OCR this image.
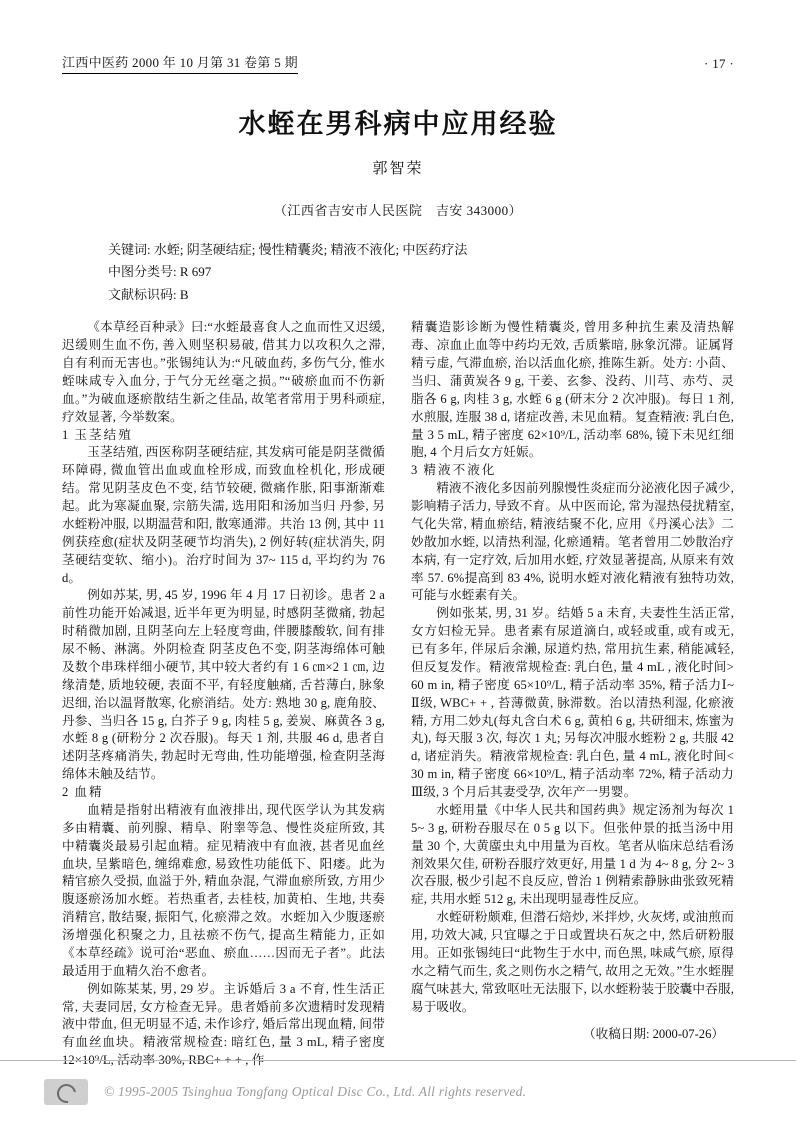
江西中医药 2000 年 10 月第 31 卷第 5 期	· 17 ·
水蛭在男科病中应用经验
郭智荣
（江西省吉安市人民医院　吉安 343000）
关键词: 水蛭; 阴茎硬结症; 慢性精囊炎; 精液不液化; 中医药疗法
中图分类号: R 697
文献标识码: B

《本草经百种录》曰:“水蛭最喜食人之血而性又迟缓, 迟缓则生血不伤, 善入则坚积易破, 借其力以攻积久之滞, 自有利而无害也。”张锡纯认为:“凡破血药, 多伤气分, 惟水蛭味咸专入血分, 于气分无丝毫之损。”“破瘀血而不伤新血。”为破血逐瘀散结生新之佳品, 故笔者常用于男科顽症, 疗效显著, 今举数案。

1 玉茎结殖

玉茎结殖, 西医称阴茎硬结症, 其发病可能是阴茎微循环障碍, 微血管出血或血栓形成, 而致血栓机化, 形成硬结。常见阴茎皮色不变, 结节较硬, 微痛作胀, 阳事渐渐难起。此为寒凝血聚, 宗筋失濡, 选用阳和汤加当归 丹参, 另水蛭粉冲服, 以期温营和阳, 散寒通滞。共治 13 例, 其中 11 例获痊愈(症状及阴茎硬节均消失), 2 例好转(症状消失, 阴茎硬结变软、缩小)。治疗时间为 37~ 115 d, 平均约为 76 d。

例如苏某, 男, 45 岁, 1996 年 4 月 17 日初诊。患者 2 a 前性功能开始减退, 近半年更为明显, 时感阴茎微痛, 勃起时稍微加剧, 且阴茎向左上轻度弯曲, 伴腰膝酸软, 间有排尿不畅、淋漓。外阴检查 阴茎皮色不变, 阴茎海绵体可触及数个串珠样细小硬节, 其中较大者约有 1 6 ㎝×2 1 ㎝, 边缘清楚, 质地较硬, 表面不平, 有轻度触痛, 舌苔薄白, 脉象迟细, 治以温肾散寒, 化瘀消结。处方: 熟地 30 g, 鹿角胶、丹参、当归各 15 g, 白芥子 9 g, 肉桂 5 g, 姜炭、麻黄各 3 g, 水蛭 8 g (研粉分 2 次吞服)。每天 1 剂, 共服 46 d, 患者自述阴茎疼痛消失, 勃起时无弯曲, 性功能增强, 检查阴茎海绵体未触及结节。

2 血精

血精是指射出精液有血液排出, 现代医学认为其发病多由精囊、前列腺、精阜、附睾等急、慢性炎症所致, 其中精囊炎最易引起血精。症见精液中有血液, 甚者见血丝血块, 呈紫暗色, 缠绵难愈, 易致性功能低下、阳痿。此为精官瘀久受损, 血溢于外, 精血杂混, 气滞血瘀所致, 方用少腹逐瘀汤加水蛭。若热重者, 去桂枝, 加黄柏、生地, 共奏消精宫, 散结聚, 振阳气, 化瘀滞之效。水蛭加入少腹逐瘀汤增强化积聚之力, 且祛瘀不伤气, 提高生精能力, 正如《本草经疏》说可治“恶血、瘀血……因而无子者”。此法最适用于血精久治不愈者。

例如陈某某, 男, 29 岁。主诉婚后 3 a 不育, 性生活正常, 夫妻同居, 女方检查无异。患者婚前多次遗精时发现精液中带血, 但无明显不适, 未作诊疗, 婚后常出现血精, 间带有血丝血块。精液常规检查: 暗红色, 量 3 mL, 精子密度 12×10⁹/L, 活动率 30%, RBC+ + + , 作

精囊造影诊断为慢性精囊炎, 曾用多种抗生素及清热解毒、凉血止血等中药均无效, 舌质紫暗, 脉象沉滞。证属肾精亏虚, 气滞血瘀, 治以活血化瘀, 推陈生新。处方: 小茴、当归、蒲黄炭各 9 g, 干姜、玄参、没药、川芎、赤芍、灵脂各 6 g, 肉桂 3 g, 水蛭 6 g (研末分 2 次冲服)。每日 1 剂, 水煎服, 连服 38 d, 诸症改善, 未见血精。复查精液: 乳白色, 量 3 5 mL, 精子密度 62×10⁹/L, 活动率 68%, 镜下未见红细胞, 4 个月后女方妊娠。

3 精液不液化

精液不液化多因前列腺慢性炎症而分泌液化因子减少, 影响精子活力, 导致不育。从中医而论, 常为湿热侵扰精室, 气化失常, 精血瘀结, 精液结聚不化, 应用《丹溪心法》二妙散加水蛭, 以清热利湿, 化瘀通精。笔者曾用二妙散治疗本病, 有一定疗效, 后加用水蛭, 疗效显著提高, 从原来有效率 57. 6%提高到 83 4%, 说明水蛭对液化精液有独特功效, 可能与水蛭素有关。

例如张某, 男, 31 岁。结婚 5 a 未育, 夫妻性生活正常, 女方妇检无异。患者素有尿道滴白, 或轻或重, 或有或无, 已有多年, 伴尿后余濑, 尿道灼热, 常用抗生素, 稍能减轻, 但反复发作。精液常规检查: 乳白色, 量 4 mL , 液化时间> 60 m in, 精子密度 65×10⁹/L, 精子活动率 35%, 精子活力Ⅰ~ Ⅱ级, WBC+ + , 苔薄微黄, 脉滞数。治以清热利湿, 化瘀液精, 方用二妙丸(每丸含白术 6 g, 黄柏 6 g, 共研细末, 炼蜜为丸), 每天服 3 次, 每次 1 丸; 另每次冲服水蛭粉 2 g, 共服 42 d, 诸症消失。精液常规检查: 乳白色, 量 4 mL, 液化时间< 30 m in, 精子密度 66×10⁹/L, 精子活动率 72%, 精子活动力Ⅲ级, 3 个月后其妻受孕, 次年产一男婴。

水蛭用量《中华人民共和国药典》规定汤剂为每次 1 5~ 3 g, 研粉吞服尽在 0 5 g 以下。但张仲景的抵当汤中用量 30 个, 大黄䗪虫丸中用量为百枚。笔者从临床总结看汤剂效果欠佳, 研粉吞服疗效更好, 用量 1 d 为 4~ 8 g, 分 2~ 3 次吞服, 极少引起不良反应, 曾治 1 例精索静脉曲张致死精症, 共用水蛭 512 g, 未出现明显毒性反应。

水蛭研粉颇难, 但潜石焙炒, 米拌炒, 火灰烤, 或油煎而用, 功效大减, 只宜曝之于日或置块石灰之中, 然后研粉服用。正如张锡纯曰“此物生于水中, 而色黑, 味咸气瘀, 原得水之精气而生, 炙之则伤水之精气, 故用之无效。”生水蛭腥腐气味甚大, 常致呕吐无法服下, 以水蛭粉装于胶囊中吞服, 易于吸收。

（收稿日期: 2000-07-26）
© 1995-2005 Tsinghua Tongfang Optical Disc Co., Ltd. All rights reserved.
